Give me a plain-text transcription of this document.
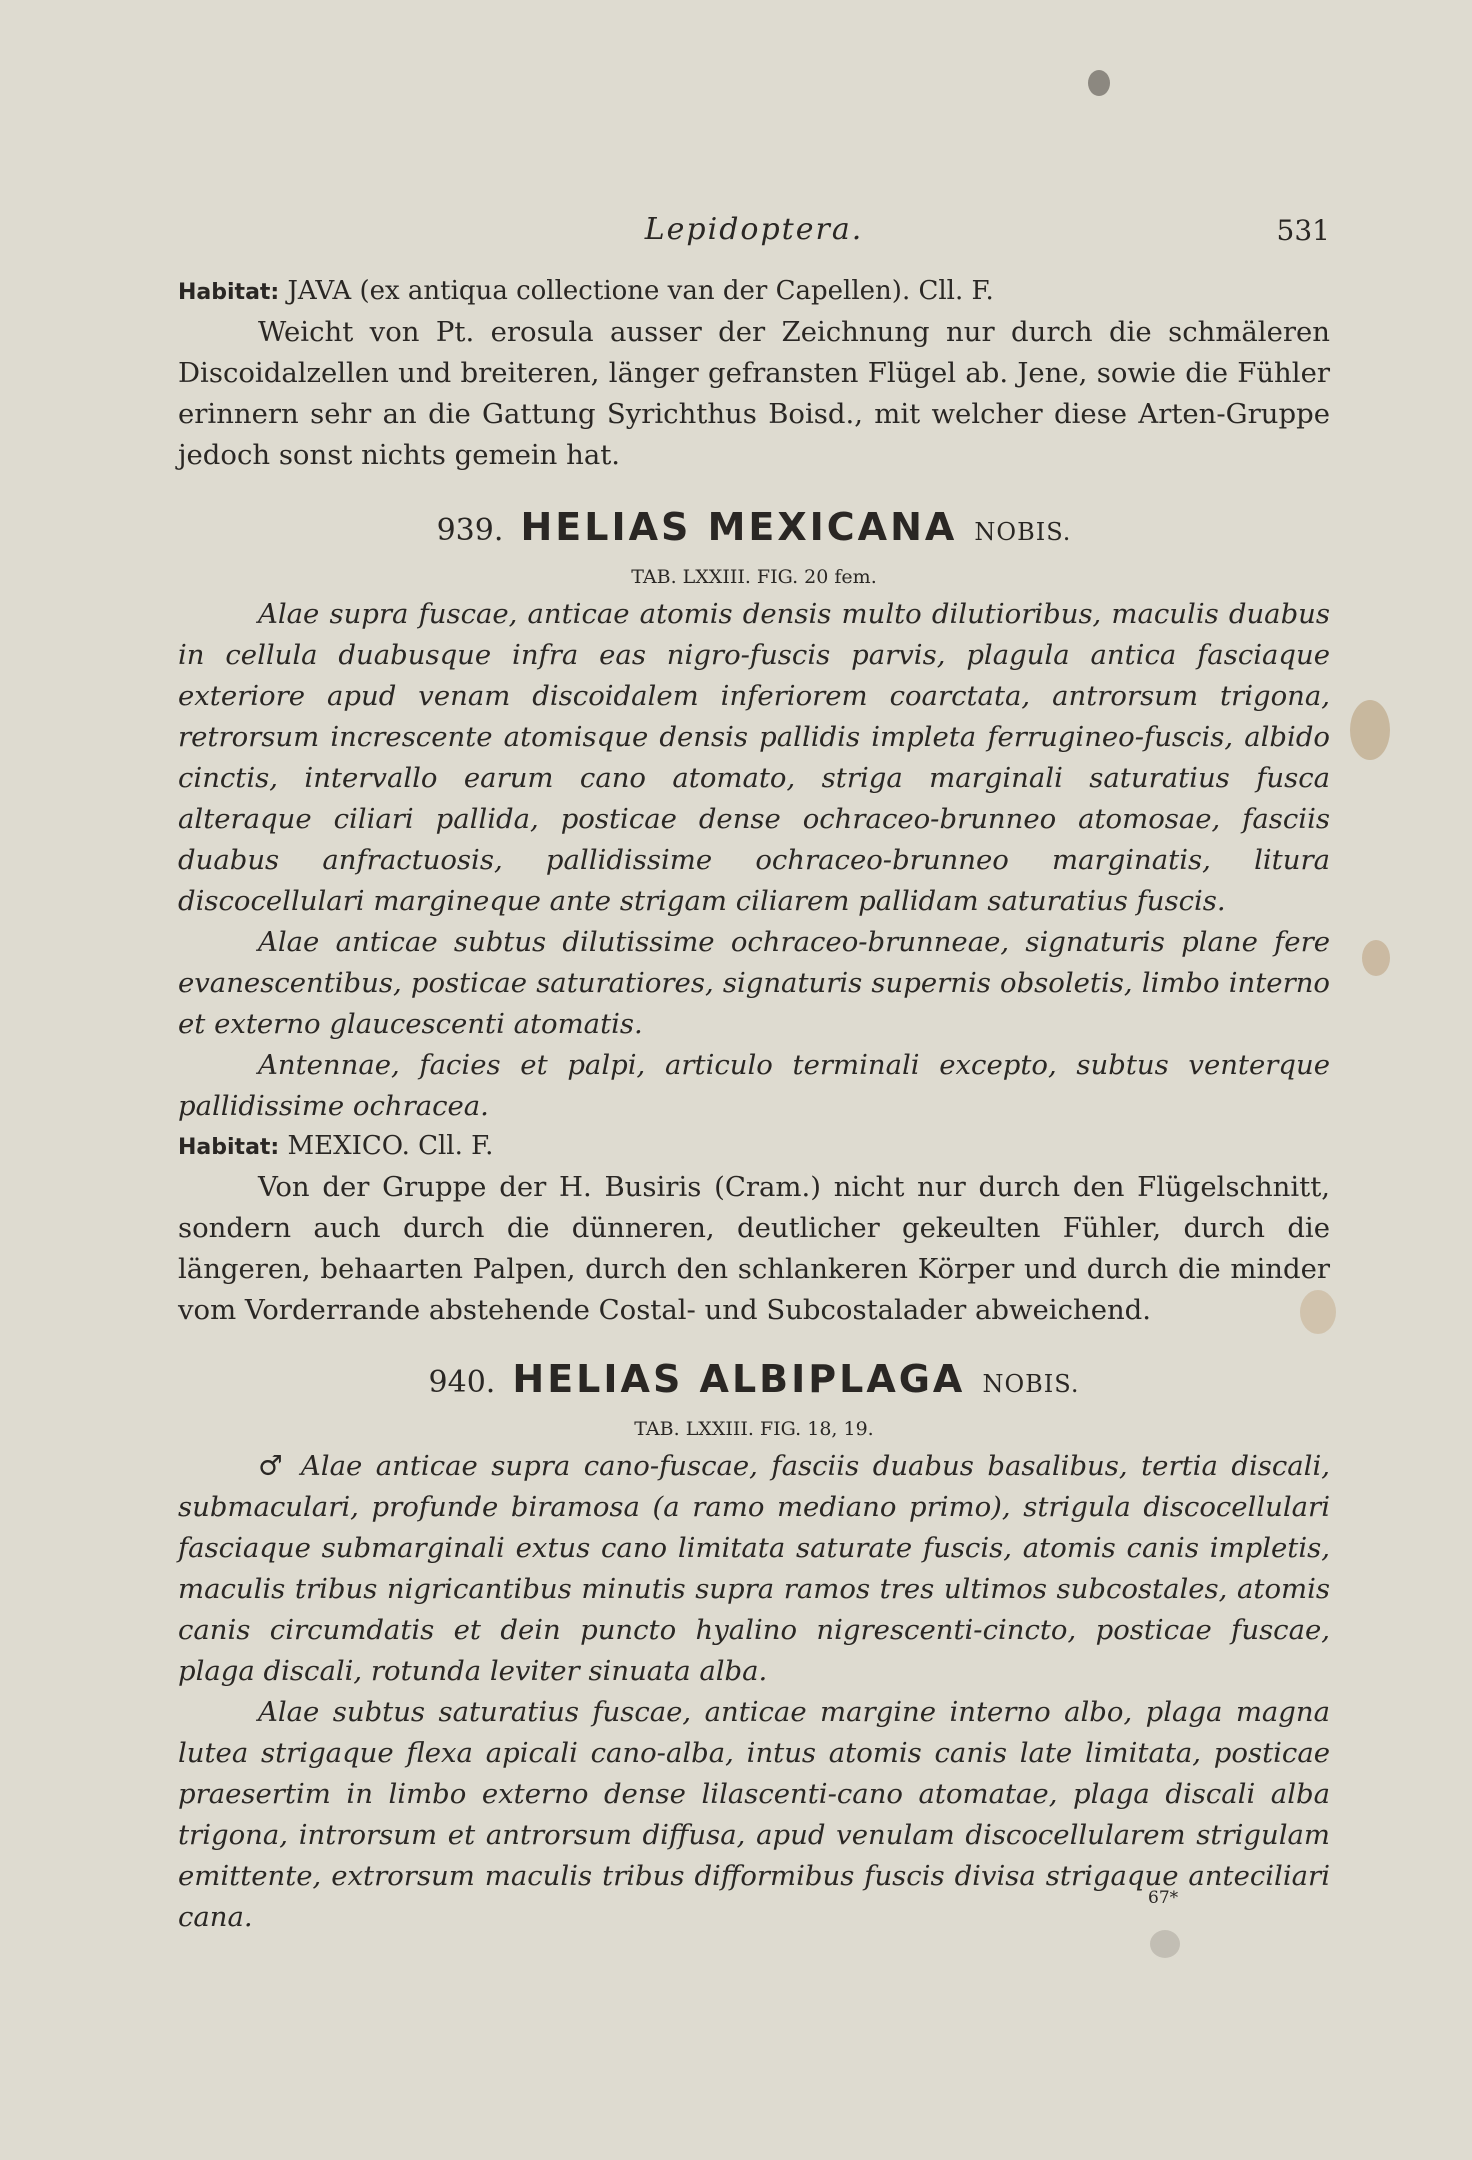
Lepidoptera.	531

Habitat: JAVA (ex antiqua collectione van der Capellen). Cll. F.

Weicht von Pt. erosula ausser der Zeichnung nur durch die schmäleren Discoidalzellen und breiteren, länger gefransten Flügel ab. Jene, sowie die Fühler erinnern sehr an die Gattung Syrichthus Boisd., mit welcher diese Arten-Gruppe jedoch sonst nichts gemein hat.

939. HELIAS MEXICANA NOBIS.

TAB. LXXIII. FIG. 20 fem.

Alae supra fuscae, anticae atomis densis multo dilutioribus, maculis duabus in cellula duabusque infra eas nigro-fuscis parvis, plagula antica fasciaque exteriore apud venam discoidalem inferiorem coarctata, antrorsum trigona, retrorsum increscente atomisque densis pallidis impleta ferrugineo-fuscis, albido cinctis, intervallo earum cano atomato, striga marginali saturatius fusca alteraque ciliari pallida, posticae dense ochraceo-brunneo atomosae, fasciis duabus anfractuosis, pallidissime ochraceo-brunneo marginatis, litura discocellulari margineque ante strigam ciliarem pallidam saturatius fuscis.

Alae anticae subtus dilutissime ochraceo-brunneae, signaturis plane fere evanescentibus, posticae saturatiores, signaturis supernis obsoletis, limbo interno et externo glaucescenti atomatis.

Antennae, facies et palpi, articulo terminali excepto, subtus venterque pallidissime ochracea.

Habitat: MEXICO. Cll. F.

Von der Gruppe der H. Busiris (Cram.) nicht nur durch den Flügelschnitt, sondern auch durch die dünneren, deutlicher gekeulten Fühler, durch die längeren, behaarten Palpen, durch den schlankeren Körper und durch die minder vom Vorderrande abstehende Costal- und Subcostalader abweichend.

940. HELIAS ALBIPLAGA NOBIS.

TAB. LXXIII. FIG. 18, 19.

♂ Alae anticae supra cano-fuscae, fasciis duabus basalibus, tertia discali, submaculari, profunde biramosa (a ramo mediano primo), strigula discocellulari fasciaque submarginali extus cano limitata saturate fuscis, atomis canis impletis, maculis tribus nigricantibus minutis supra ramos tres ultimos subcostales, atomis canis circumdatis et dein puncto hyalino nigrescenti-cincto, posticae fuscae, plaga discali, rotunda leviter sinuata alba.

Alae subtus saturatius fuscae, anticae margine interno albo, plaga magna lutea strigaque flexa apicali cano-alba, intus atomis canis late limitata, posticae praesertim in limbo externo dense lilascenti-cano atomatae, plaga discali alba trigona, introrsum et antrorsum diffusa, apud venulam discocellularem strigulam emittente, extrorsum maculis tribus difformibus fuscis divisa strigaque anteciliari cana.

67*
